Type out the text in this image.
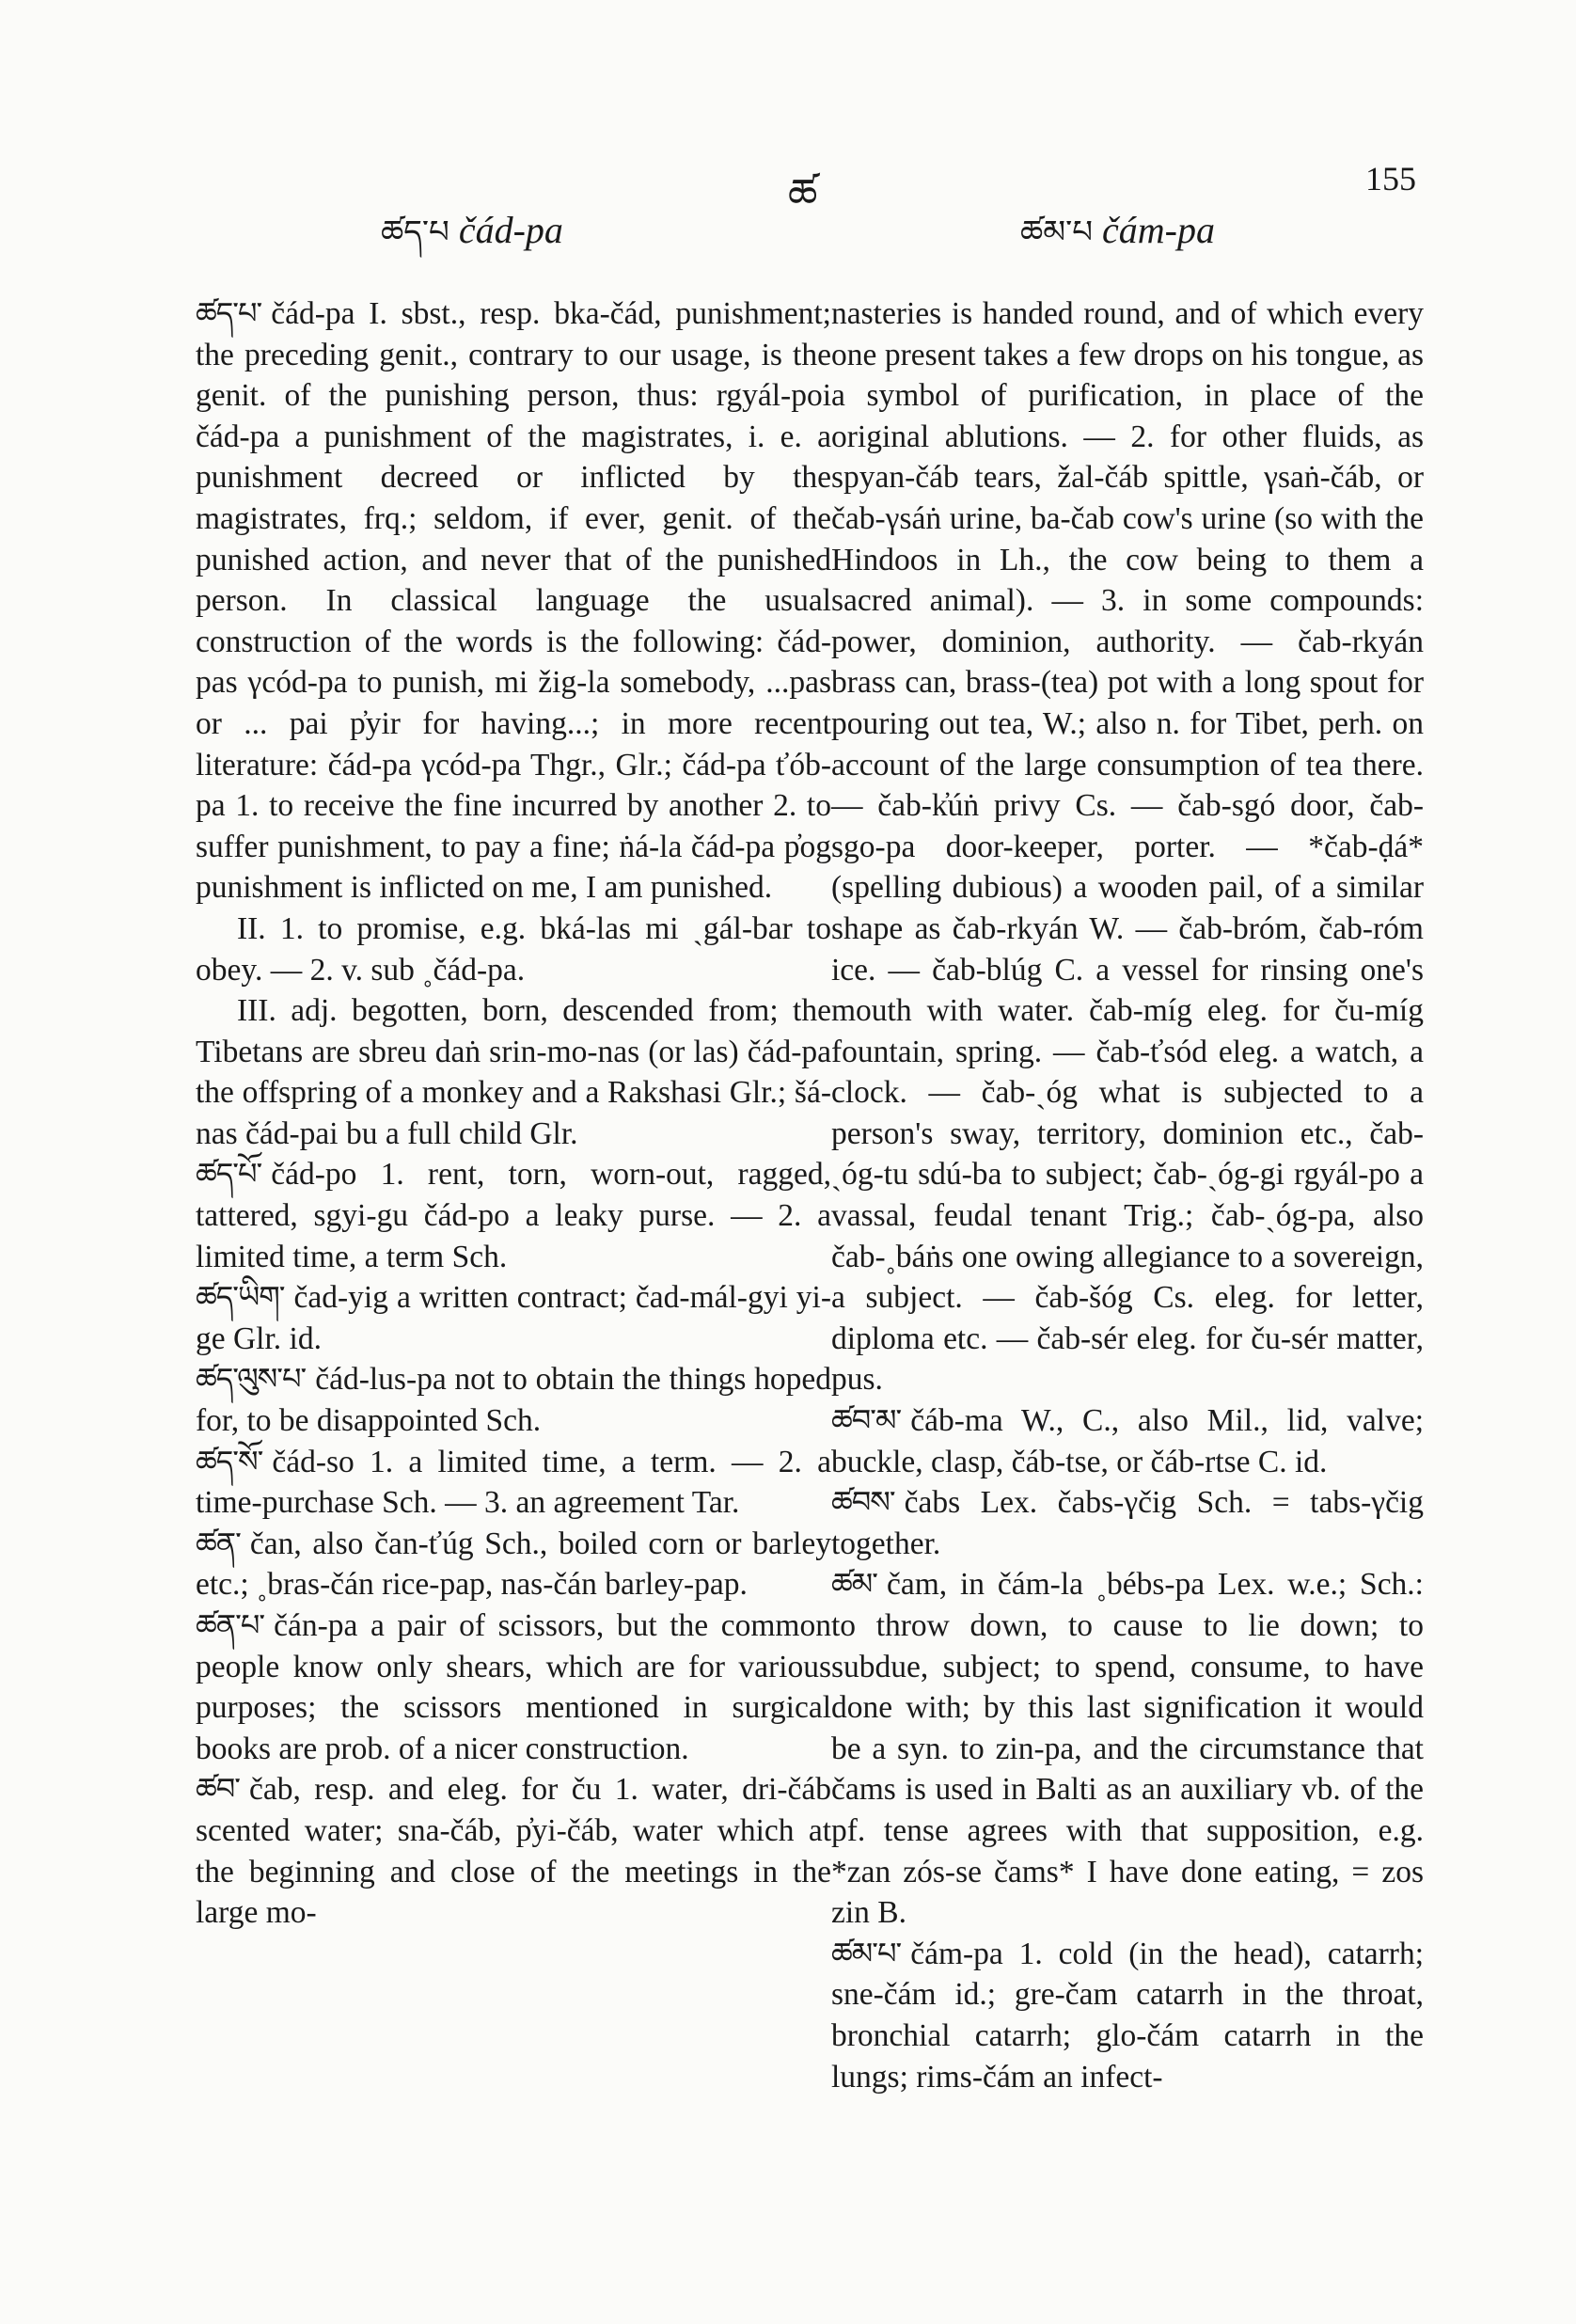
ཚད་པ čád-pa
ཚ
ཚམ་པ čám-pa
155

ཚད་པ་ čád-pa I. sbst., resp. bka-čád, punishment; the preceding genit., contrary to our usage, is the genit. of the punishing person, thus: rgyál-poi čád-pa a punishment of the magistrates, i. e. a punishment decreed or inflicted by the magistrates, frq.; seldom, if ever, genit. of the punished action, and never that of the punished person. In classical language the usual construction of the words is the following: čád-pas γcód-pa to punish, mi žig-la somebody, ...pas or ... pai p̓yir for having...; in more recent literature: čád-pa γcód-pa Thgr., Glr.; čád-pa ťób-pa 1. to receive the fine incurred by another 2. to suffer punishment, to pay a fine; ṅá-la čád-pa p̓og punishment is inflicted on me, I am punished.

II. 1. to promise, e.g. bká-las mi ˏgál-bar to obey. — 2. v. sub ˳čád-pa.

III. adj. begotten, born, descended from; the Tibetans are sbreu daṅ srin-mo-nas (or las) čád-pa the offspring of a monkey and a Rakshasi Glr.; šá-nas čád-pai bu a full child Glr.

ཚད་པོ་ čád-po 1. rent, torn, worn-out, ragged, tattered, sgyi-gu čád-po a leaky purse. — 2. a limited time, a term Sch.

ཚད་ཡིག་ čad-yig a written contract; čad-mál-gyi yi-ge Glr. id.

ཚད་ལུས་པ་ čád-lus-pa not to obtain the things hoped for, to be disappointed Sch.

ཚད་སོ་ čád-so 1. a limited time, a term. — 2. a time-purchase Sch. — 3. an agreement Tar.

ཚན་ čan, also čan-ťúg Sch., boiled corn or barley etc.; ˳bras-čán rice-pap, nas-čán barley-pap.

ཚན་པ་ čán-pa a pair of scissors, but the common people know only shears, which are for various purposes; the scissors mentioned in surgical books are prob. of a nicer construction.

ཚབ་ čab, resp. and eleg. for ču 1. water, dri-čáb scented water; sna-čáb, p̓yi-čáb, water which at the beginning and close of the meetings in the large mo-

nasteries is handed round, and of which every one present takes a few drops on his tongue, as a symbol of purification, in place of the original ablutions. — 2. for other fluids, as spyan-čáb tears, žal-čáb spittle, γsaṅ-čáb, or čab-γsáṅ urine, ba-čab cow's urine (so with the Hindoos in Lh., the cow being to them a sacred animal). — 3. in some compounds: power, dominion, authority. — čab-rkyán brass can, brass-(tea) pot with a long spout for pouring out tea, W.; also n. for Tibet, perh. on account of the large consumption of tea there. — čab-k̓úṅ privy Cs. — čab-sgó door, čab-sgo-pa door-keeper, porter. — *čab-ḍá* (spelling dubious) a wooden pail, of a similar shape as čab-rkyán W. — čab-bróm, čab-róm ice. — čab-blúg C. a vessel for rinsing one's mouth with water. čab-míg eleg. for ču-míg fountain, spring. — čab-ťsód eleg. a watch, a clock. — čab-ˏóg what is subjected to a person's sway, territory, dominion etc., čab-ˏóg-tu sdú-ba to subject; čab-ˏóg-gi rgyál-po a vassal, feudal tenant Trig.; čab-ˏóg-pa, also čab-˳báṅs one owing allegiance to a sovereign, a subject. — čab-šóg Cs. eleg. for letter, diploma etc. — čab-sér eleg. for ču-sér matter, pus.

ཚབ་མ་ čáb-ma W., C., also Mil., lid, valve; buckle, clasp, čáb-tse, or čáb-rtse C. id.

ཚབས་ čabs Lex. čabs-γčig Sch. = tabs-γčig together.

ཚམ་ čam, in čám-la ˳bébs-pa Lex. w.e.; Sch.: to throw down, to cause to lie down; to subdue, subject; to spend, consume, to have done with; by this last signification it would be a syn. to zin-pa, and the circumstance that čams is used in Balti as an auxiliary vb. of the pf. tense agrees with that supposition, e.g. *zan zós-se čams* I have done eating, = zos zin B.

ཚམ་པ་ čám-pa 1. cold (in the head), catarrh; sne-čám id.; gre-čam catarrh in the throat, bronchial catarrh; glo-čám catarrh in the lungs; rims-čám an infect-
